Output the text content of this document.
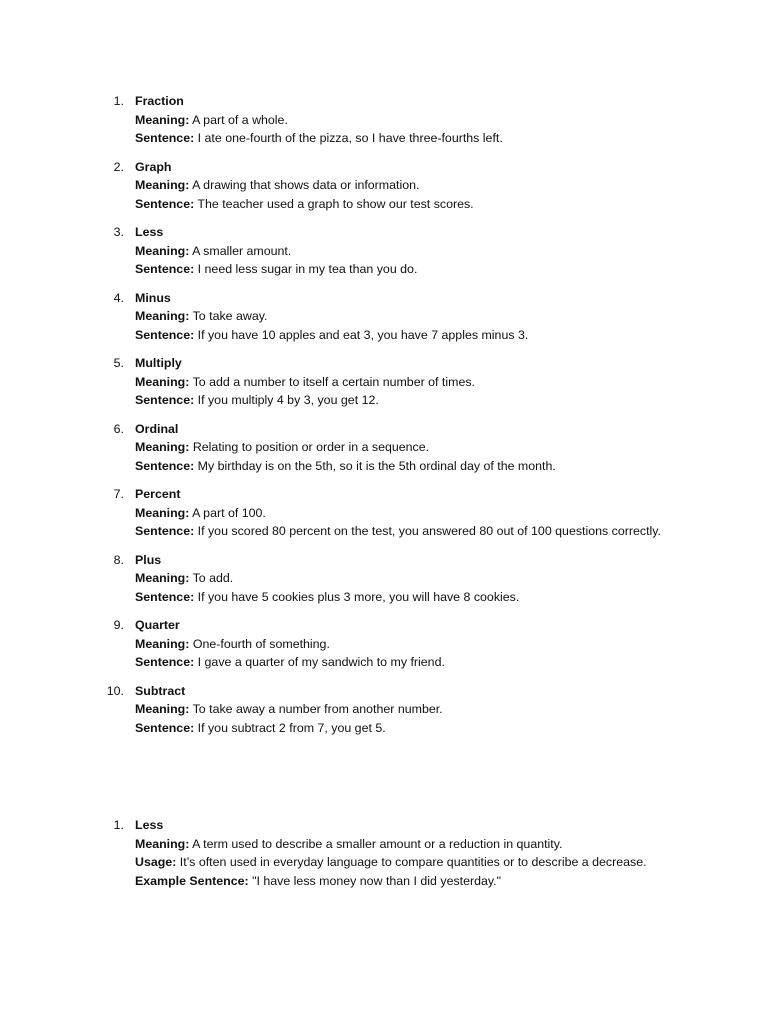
1. Fraction
Meaning: A part of a whole.
Sentence: I ate one-fourth of the pizza, so I have three-fourths left.
2. Graph
Meaning: A drawing that shows data or information.
Sentence: The teacher used a graph to show our test scores.
3. Less
Meaning: A smaller amount.
Sentence: I need less sugar in my tea than you do.
4. Minus
Meaning: To take away.
Sentence: If you have 10 apples and eat 3, you have 7 apples minus 3.
5. Multiply
Meaning: To add a number to itself a certain number of times.
Sentence: If you multiply 4 by 3, you get 12.
6. Ordinal
Meaning: Relating to position or order in a sequence.
Sentence: My birthday is on the 5th, so it is the 5th ordinal day of the month.
7. Percent
Meaning: A part of 100.
Sentence: If you scored 80 percent on the test, you answered 80 out of 100 questions correctly.
8. Plus
Meaning: To add.
Sentence: If you have 5 cookies plus 3 more, you will have 8 cookies.
9. Quarter
Meaning: One-fourth of something.
Sentence: I gave a quarter of my sandwich to my friend.
10. Subtract
Meaning: To take away a number from another number.
Sentence: If you subtract 2 from 7, you get 5.
1. Less
Meaning: A term used to describe a smaller amount or a reduction in quantity.
Usage: It’s often used in everyday language to compare quantities or to describe a decrease.
Example Sentence: "I have less money now than I did yesterday."
